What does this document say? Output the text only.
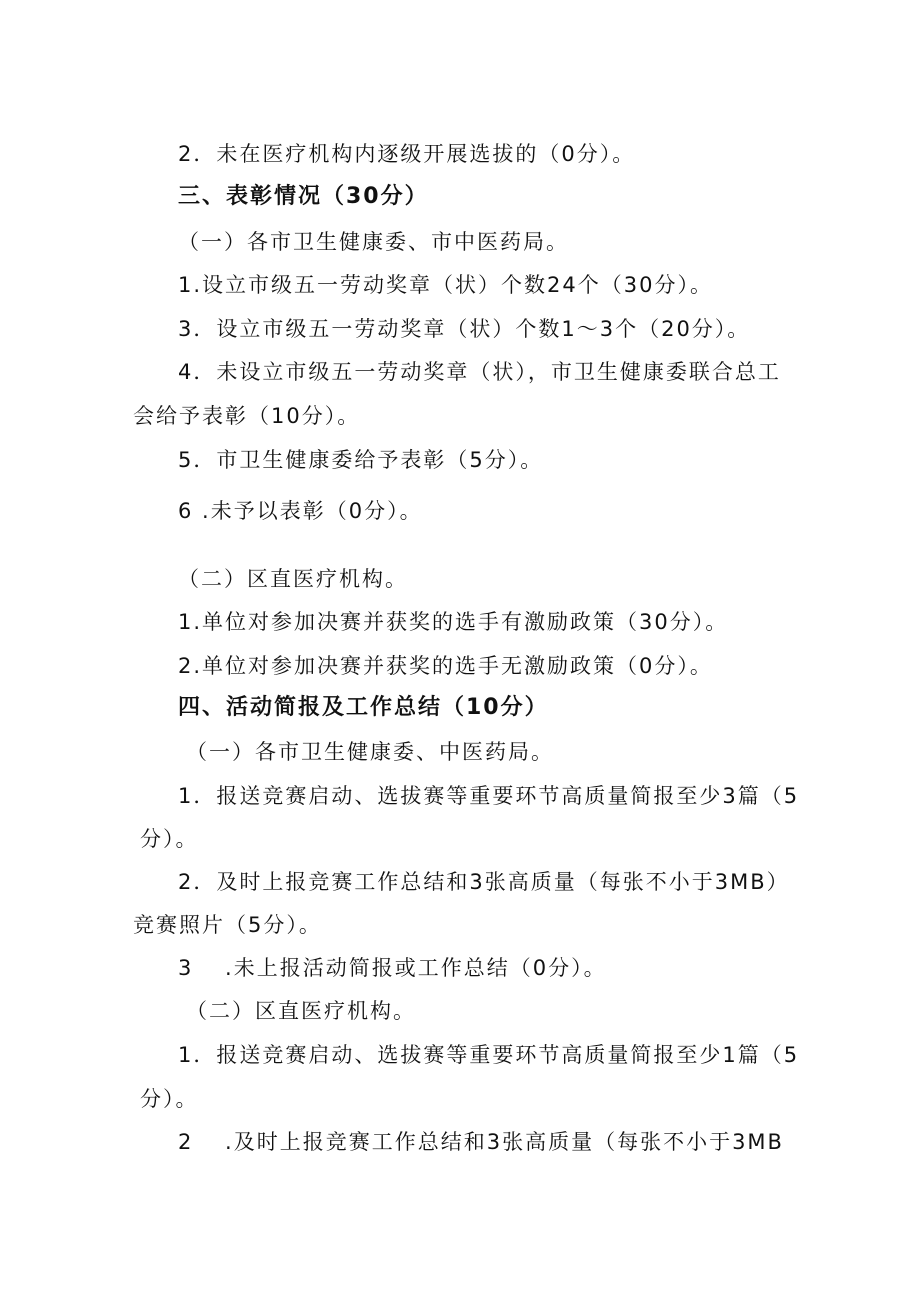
2．未在医疗机构内逐级开展选拔的（0分）。
三、表彰情况（30分）
（一）各市卫生健康委、市中医药局。
1.设立市级五一劳动奖章（状）个数24个（30分）。
3．设立市级五一劳动奖章（状）个数1～3个（20分）。
4．未设立市级五一劳动奖章（状），市卫生健康委联合总工
会给予表彰（10分）。
5．市卫生健康委给予表彰（5分）。
6 .未予以表彰（0分）。
（二）区直医疗机构。
1.单位对参加决赛并获奖的选手有激励政策（30分）。
2.单位对参加决赛并获奖的选手无激励政策（0分）。
四、活动简报及工作总结（10分）
（一）各市卫生健康委、中医药局。
1．报送竞赛启动、选拔赛等重要环节高质量简报至少3篇（5
分）。
2．及时上报竞赛工作总结和3张高质量（每张不小于3MB）
竞赛照片（5分）。
3　 .未上报活动简报或工作总结（0分）。
（二）区直医疗机构。
1．报送竞赛启动、选拔赛等重要环节高质量简报至少1篇（5
分）。
2　 .及时上报竞赛工作总结和3张高质量（每张不小于3MB
